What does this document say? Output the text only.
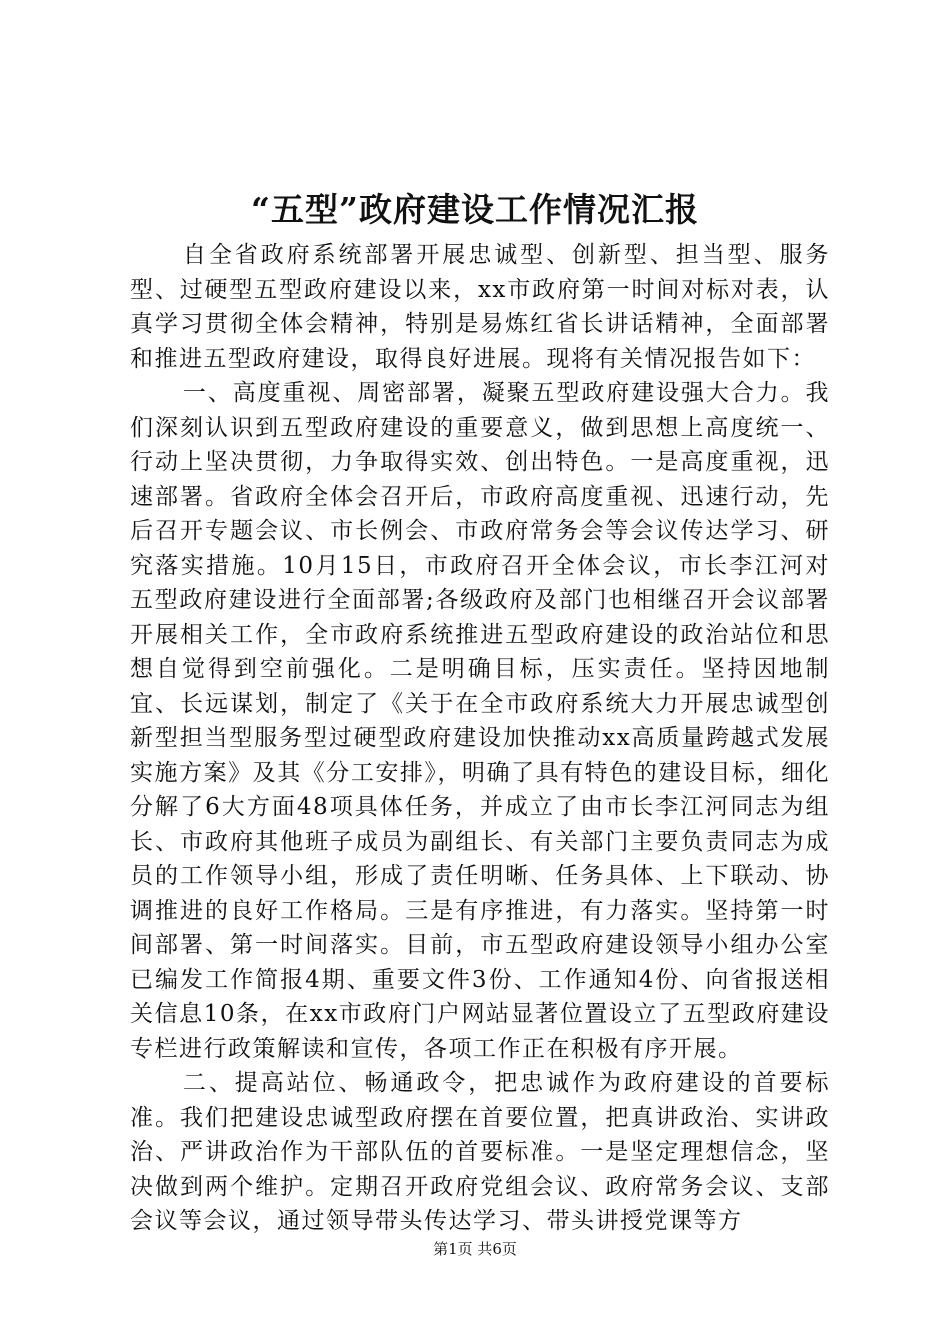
“五型”政府建设工作情况汇报

自全省政府系统部署开展忠诚型、创新型、担当型、服务型、过硬型五型政府建设以来，xx市政府第一时间对标对表，认真学习贯彻全体会精神，特别是易炼红省长讲话精神，全面部署和推进五型政府建设，取得良好进展。现将有关情况报告如下：

一、高度重视、周密部署，凝聚五型政府建设强大合力。我们深刻认识到五型政府建设的重要意义，做到思想上高度统一、行动上坚决贯彻，力争取得实效、创出特色。一是高度重视，迅速部署。省政府全体会召开后，市政府高度重视、迅速行动，先后召开专题会议、市长例会、市政府常务会等会议传达学习、研究落实措施。10月15日，市政府召开全体会议，市长李江河对五型政府建设进行全面部署;各级政府及部门也相继召开会议部署开展相关工作，全市政府系统推进五型政府建设的政治站位和思想自觉得到空前强化。二是明确目标，压实责任。坚持因地制宜、长远谋划，制定了《关于在全市政府系统大力开展忠诚型创新型担当型服务型过硬型政府建设加快推动xx高质量跨越式发展实施方案》及其《分工安排》，明确了具有特色的建设目标，细化分解了6大方面48项具体任务，并成立了由市长李江河同志为组长、市政府其他班子成员为副组长、有关部门主要负责同志为成员的工作领导小组，形成了责任明晰、任务具体、上下联动、协调推进的良好工作格局。三是有序推进，有力落实。坚持第一时间部署、第一时间落实。目前，市五型政府建设领导小组办公室已编发工作简报4期、重要文件3份、工作通知4份、向省报送相关信息10条，在xx市政府门户网站显著位置设立了五型政府建设专栏进行政策解读和宣传，各项工作正在积极有序开展。

二、提高站位、畅通政令，把忠诚作为政府建设的首要标准。我们把建设忠诚型政府摆在首要位置，把真讲政治、实讲政治、严讲政治作为干部队伍的首要标准。一是坚定理想信念，坚决做到两个维护。定期召开政府党组会议、政府常务会议、支部会议等会议，通过领导带头传达学习、带头讲授党课等方

第1页 共6页
